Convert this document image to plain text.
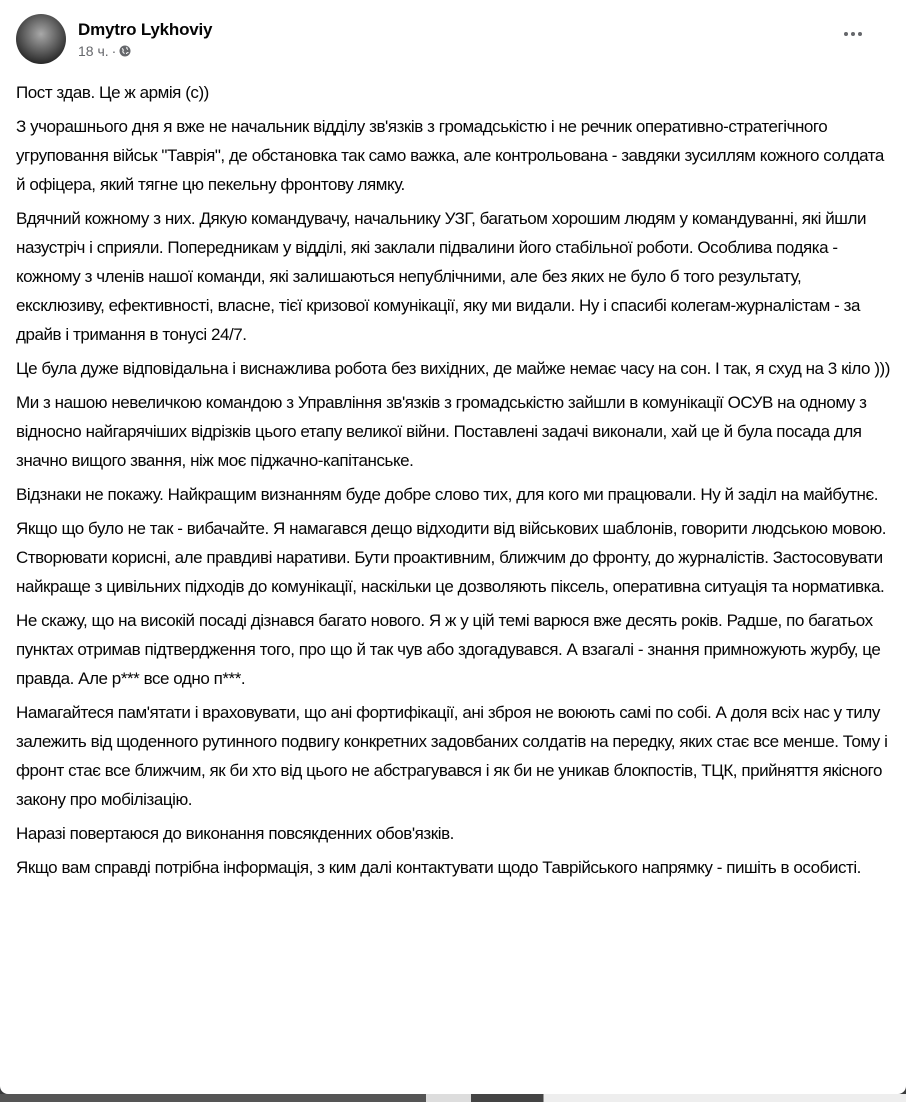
Dmytro Lykhoviy
18 ч. ·

Пост здав. Це ж армія (с))

З учорашнього дня я вже не начальник відділу зв'язків з громадськістю і не речник оперативно-стратегічного угруповання військ "Таврія", де обстановка так само важка, але контрольована - завдяки зусиллям кожного солдата й офіцера, який тягне цю пекельну фронтову лямку.

Вдячний кожному з них. Дякую командувачу, начальнику УЗГ, багатьом хорошим людям у командуванні, які йшли назустріч і сприяли. Попередникам у відділі, які заклали підвалини його стабільної роботи. Особлива подяка - кожному з членів нашої команди, які залишаються непублічними, але без яких не було б того результату, ексклюзиву, ефективності, власне, тієї кризової комунікації, яку ми видали. Ну і спасибі колегам-журналістам - за драйв і тримання в тонусі 24/7.

Це була дуже відповідальна і виснажлива робота без вихідних, де майже немає часу на сон. І так, я схуд на 3 кіло )))

Ми з нашою невеличкою командою з Управління зв'язків з громадськістю зайшли в комунікації ОСУВ на одному з відносно найгарячіших відрізків цього етапу великої війни. Поставлені задачі виконали, хай це й була посада для значно вищого звання, ніж моє піджачно-капітанське.

Відзнаки не покажу. Найкращим визнанням буде добре слово тих, для кого ми працювали. Ну й заділ на майбутнє.

Якщо що було не так - вибачайте. Я намагався дещо відходити від військових шаблонів, говорити людською мовою. Створювати корисні, але правдиві наративи. Бути проактивним, ближчим до фронту, до журналістів. Застосовувати найкраще з цивільних підходів до комунікації, наскільки це дозволяють піксель, оперативна ситуація та нормативка.

Не скажу, що на високій посаді дізнався багато нового. Я ж у цій темі варюся вже десять років. Радше, по багатьох пунктах отримав підтвердження того, про що й так чув або здогадувався. А взагалі - знання примножують журбу, це правда. Але р*** все одно п***.

Намагайтеся пам'ятати і враховувати, що ані фортифікації, ані зброя не воюють самі по собі. А доля всіх нас у тилу залежить від щоденного рутинного подвигу конкретних задовбаних солдатів на передку, яких стає все менше. Тому і фронт стає все ближчим, як би хто від цього не абстрагувався і як би не уникав блокпостів, ТЦК, прийняття якісного закону про мобілізацію.

Наразі повертаюся до виконання повсякденних обов'язків.

Якщо вам справді потрібна інформація, з ким далі контактувати щодо Таврійського напрямку - пишіть в особисті.
